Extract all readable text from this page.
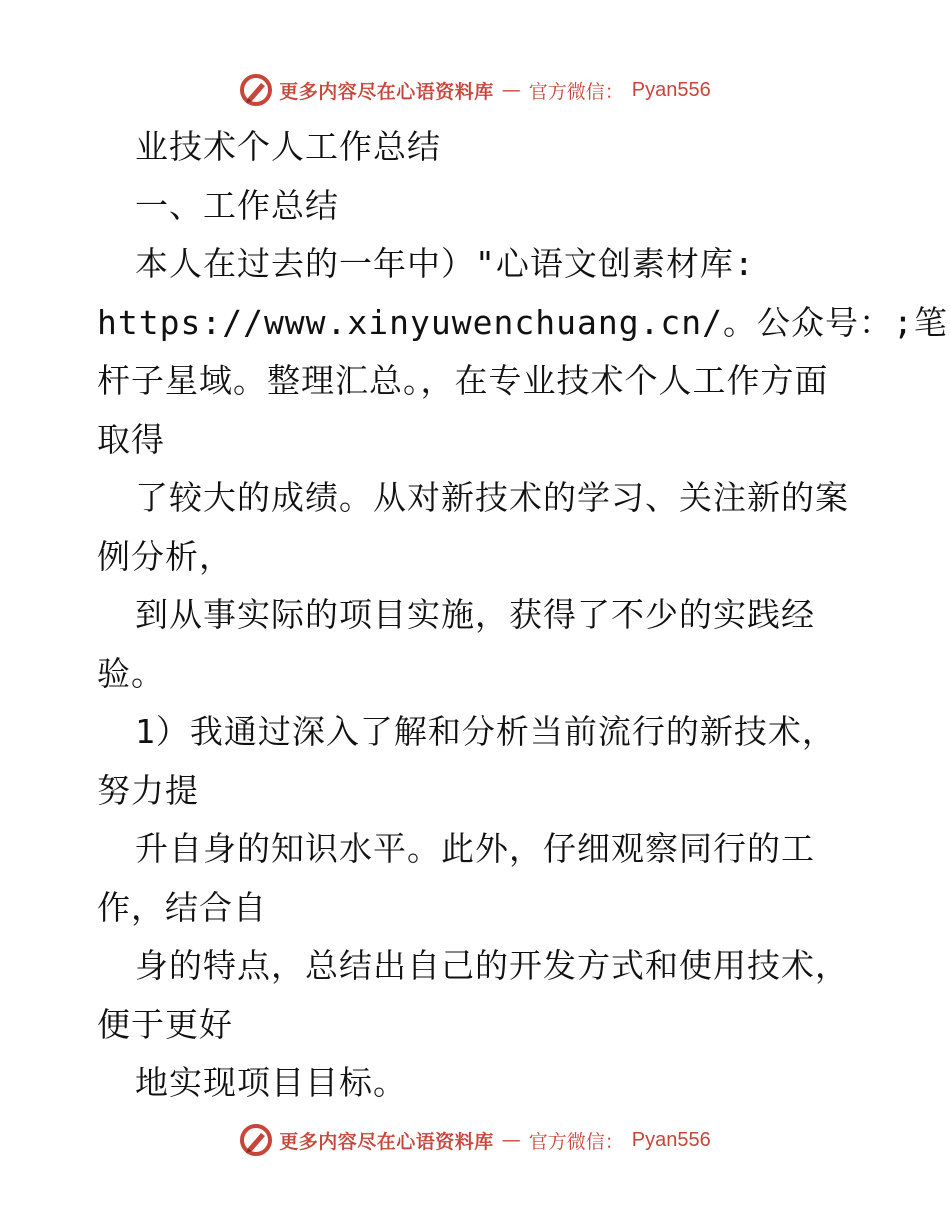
更多内容尽在心语资料库 — 官方微信： Pyan556
业技术个人工作总结
一、工作总结
本人在过去的一年中）"心语文创素材库:
https://www.xinyuwenchuang.cn/。公众号：;笔
杆子星域。整理汇总。，在专业技术个人工作方面
取得
了较大的成绩。从对新技术的学习、关注新的案
例分析，
到从事实际的项目实施，获得了不少的实践经
验。
1）我通过深入了解和分析当前流行的新技术，
努力提
升自身的知识水平。此外，仔细观察同行的工
作，结合自
身的特点，总结出自己的开发方式和使用技术，
便于更好
地实现项目目标。
更多内容尽在心语资料库 — 官方微信： Pyan556
